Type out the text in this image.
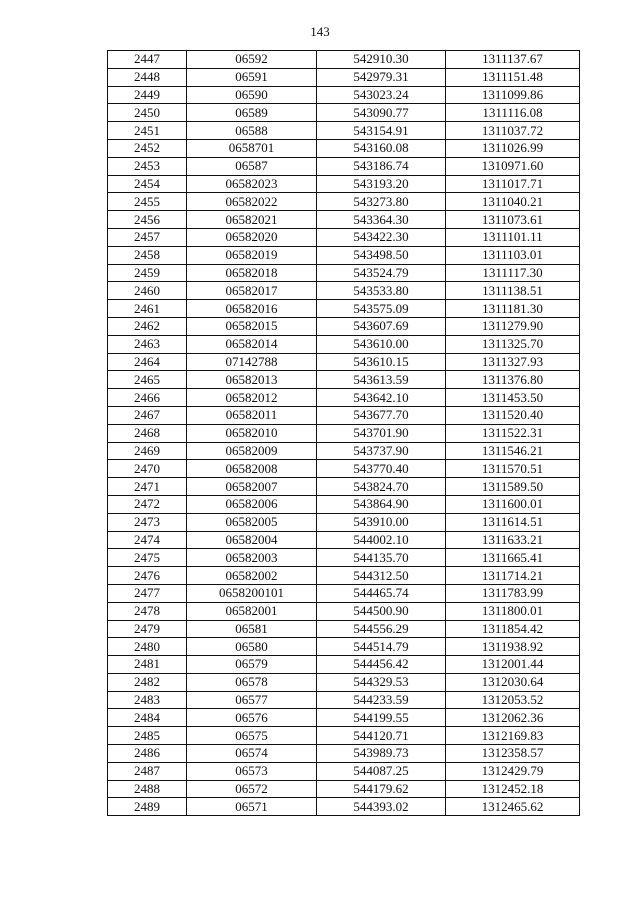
143
2447	06592	542910.30	1311137.67
2448	06591	542979.31	1311151.48
2449	06590	543023.24	1311099.86
2450	06589	543090.77	1311116.08
2451	06588	543154.91	1311037.72
2452	0658701	543160.08	1311026.99
2453	06587	543186.74	1310971.60
2454	06582023	543193.20	1311017.71
2455	06582022	543273.80	1311040.21
2456	06582021	543364.30	1311073.61
2457	06582020	543422.30	1311101.11
2458	06582019	543498.50	1311103.01
2459	06582018	543524.79	1311117.30
2460	06582017	543533.80	1311138.51
2461	06582016	543575.09	1311181.30
2462	06582015	543607.69	1311279.90
2463	06582014	543610.00	1311325.70
2464	07142788	543610.15	1311327.93
2465	06582013	543613.59	1311376.80
2466	06582012	543642.10	1311453.50
2467	06582011	543677.70	1311520.40
2468	06582010	543701.90	1311522.31
2469	06582009	543737.90	1311546.21
2470	06582008	543770.40	1311570.51
2471	06582007	543824.70	1311589.50
2472	06582006	543864.90	1311600.01
2473	06582005	543910.00	1311614.51
2474	06582004	544002.10	1311633.21
2475	06582003	544135.70	1311665.41
2476	06582002	544312.50	1311714.21
2477	0658200101	544465.74	1311783.99
2478	06582001	544500.90	1311800.01
2479	06581	544556.29	1311854.42
2480	06580	544514.79	1311938.92
2481	06579	544456.42	1312001.44
2482	06578	544329.53	1312030.64
2483	06577	544233.59	1312053.52
2484	06576	544199.55	1312062.36
2485	06575	544120.71	1312169.83
2486	06574	543989.73	1312358.57
2487	06573	544087.25	1312429.79
2488	06572	544179.62	1312452.18
2489	06571	544393.02	1312465.62
